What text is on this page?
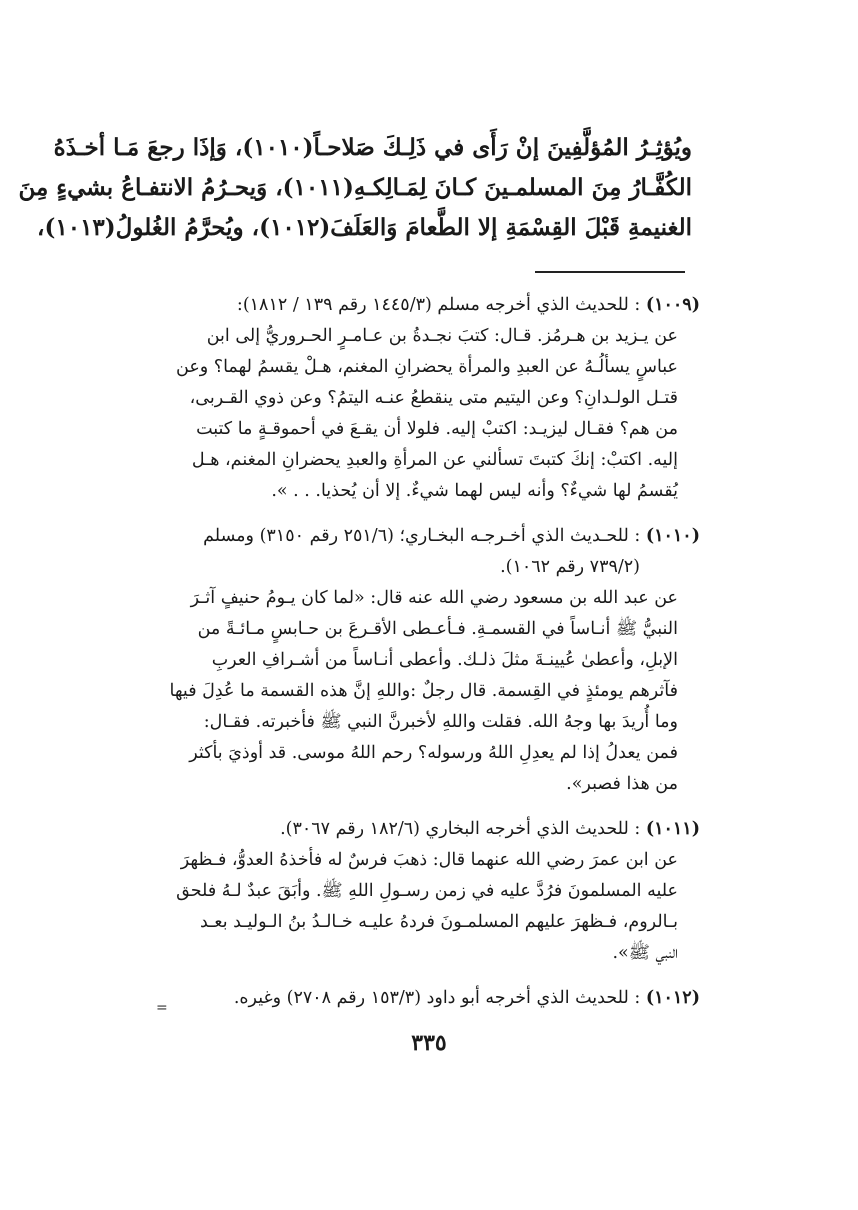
ويُؤثِـرُ المُؤلَّفِينَ إنْ رَأَى في ذَلِـكَ صَلاحـاً(١٠١٠)، وَإذَا رجعَ مَـا أخـذَهُ
الكُفَّـارُ مِنَ المسلمـينَ كـانَ لِمَـالِكـهِ(١٠١١)، وَيحـرُمُ الانتفـاعُ بشيءٍ مِنَ
الغنيمةِ قَبْلَ القِسْمَةِ إلا الطَّعامَ وَالعَلَفَ(١٠١٢)، ويُحرَّمُ الغُلولُ(١٠١٣)،
(١٠٠٩) : للحديث الذي أخرجه مسلم (١٤٤٥/٣ رقم ١٣٩ / ١٨١٢):
عن يـزيد بن هـرمُز. قـال: كتبَ نجـدةُ بن عـامـرٍ الحـروريُّ إلى ابن
عباسٍ يسألُـهُ عن العبدِ والمرأة يحضرانِ المغنم، هـلْ يقسمُ لهما؟ وعن
قتـل الولـدانِ؟ وعن اليتيم متى ينقطعُ عنـه اليتمُ؟ وعن ذوي القـربى،
من هم؟ فقـال ليزيـد: اكتبْ إليه. فلولا أن يقـعَ في أحموقـةٍ ما كتبت
إليه. اكتبْ: إنكَ كتبتَ تسألني عن المرأةِ والعبدِ يحضرانِ المغنم، هـل
يُقسمُ لها شيءٌ؟ وأنه ليس لهما شيءٌ. إلا أن يُحذيا. . . ».
(١٠١٠) : للحـديث الذي أخـرجـه البخـاري؛ (٢٥١/٦ رقم ٣١٥٠) ومسلم
(٧٣٩/٢ رقم ١٠٦٢).
عن عبد الله بن مسعود رضي الله عنه قال: «لما كان يـومُ حنيفٍ آثـرَ
النبيُّ ﷺ أنـاساً في القسمـةِ. فـأعـطى الأقـرعَ بن حـابسٍ مـائـةً من
الإبلِ، وأعطىٰ عُيينـةَ مثلَ ذلـك. وأعطى أنـاساً من أشـرافِ العربِ
فآثرهم يومئذٍ في القِسمة. قال رجلٌ :واللهِ إنَّ هذه القسمة ما عُدِلَ فيها
وما أُريدَ بها وجهُ الله. فقلت واللهِ لأخبرنَّ النبي ﷺ فأخبرته. فقـال:
فمن يعدلُ إذا لم يعدِلِ اللهُ ورسوله؟ رحم اللهُ موسى. قد أوذيَ بأكثر
من هذا فصبر».
(١٠١١) : للحديث الذي أخرجه البخاري (١٨٢/٦ رقم ٣٠٦٧).
عن ابن عمرَ رضي الله عنهما قال: ذهبَ فرسٌ له فأخذهُ العدوُّ، فـظهرَ
عليه المسلمونَ فرُدَّ عليه في زمن رسـولِ اللهِ ﷺ. وأبَقَ عبدٌ لـهُ فلحق
بـالروم، فـظهرَ عليهم المسلمـونَ فردهُ عليـه خـالـدُ بنُ الـوليـد بعـد
النبي ﷺ».
(١٠١٢) : للحديث الذي أخرجه أبو داود (١٥٣/٣ رقم ٢٧٠٨) وغيره.
=
٣٣٥
